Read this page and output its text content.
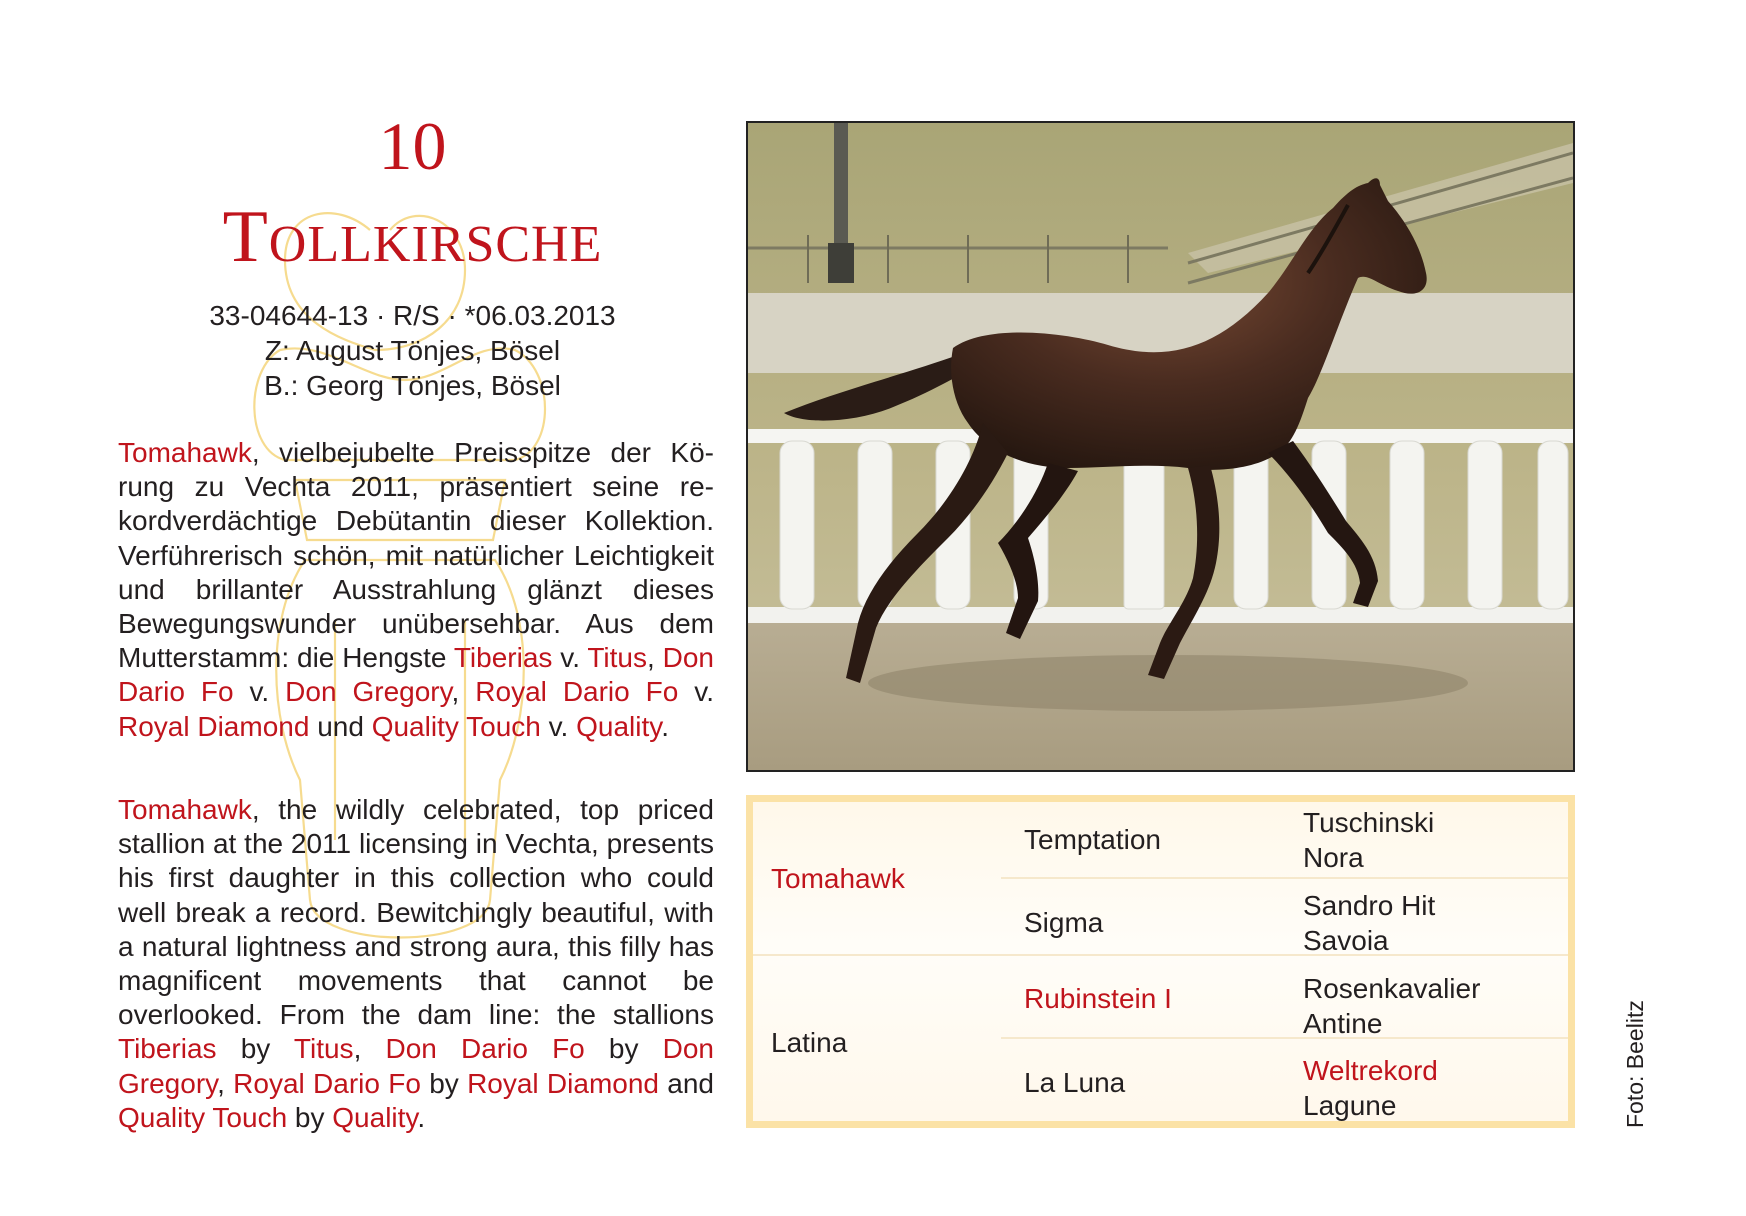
10
Tollkirsche
33-04644-13 · R/S · *06.03.2013
Z: August Tönjes, Bösel
B.: Georg Tönjes, Bösel
Tomahawk, vielbejubelte Preisspitze der Körung zu Vechta 2011, präsentiert seine rekordverdächtige Debütantin dieser Kollektion. Verführerisch schön, mit natürlicher Leichtigkeit und brillanter Ausstrahlung glänzt dieses Bewegungswunder unübersehbar. Aus dem Mutterstamm: die Hengste Tiberias v. Titus, Don Dario Fo v. Don Gregory, Royal Dario Fo v. Royal Diamond und Quality Touch v. Quality.
Tomahawk, the wildly celebrated, top priced stallion at the 2011 licensing in Vechta, presents his first daughter in this collection who could well break a record. Bewitchingly beautiful, with a natural lightness and strong aura, this filly has magnificent movements that cannot be overlooked. From the dam line: the stallions Tiberias by Titus, Don Dario Fo by Don Gregory, Royal Dario Fo by Royal Diamond and Quality Touch by Quality.
Tomahawk
Latina
Temptation
Sigma
Rubinstein I
La Luna
Tuschinski
Nora
Sandro Hit
Savoia
Rosenkavalier
Antine
Weltrekord
Lagune	Foto: Beelitz
